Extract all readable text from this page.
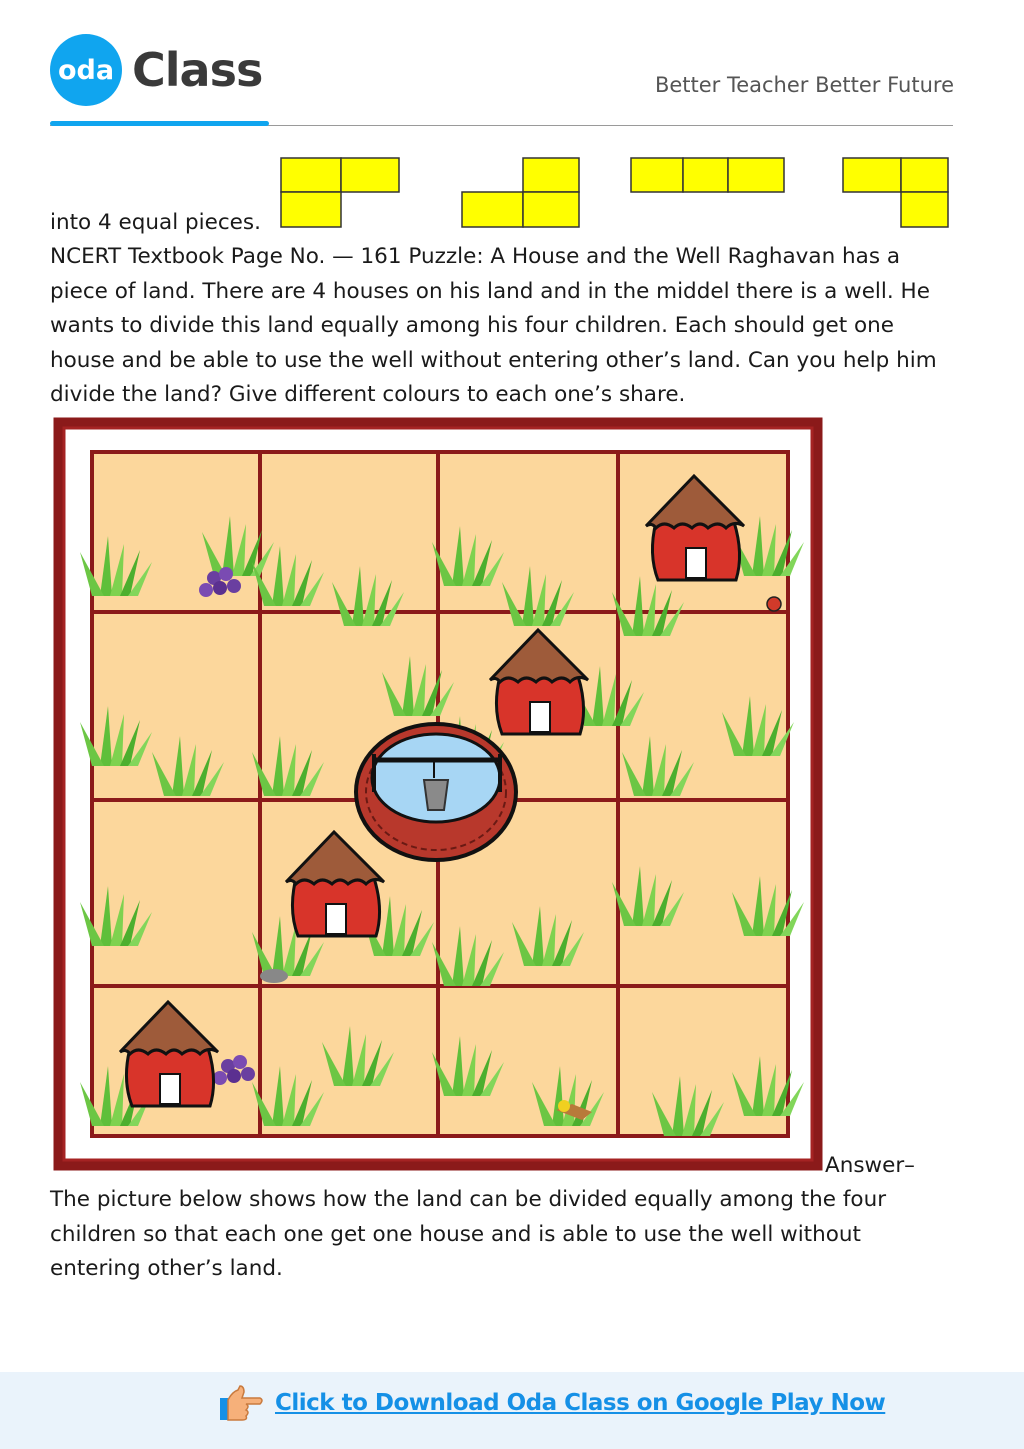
oda Class	Better Teacher Better Future
into 4 equal pieces.
NCERT Textbook Page No. — 161 Puzzle: A House and the Well Raghavan has a piece of land. There are 4 houses on his land and in the middel there is a well. He wants to divide this land equally among his four children. Each should get one house and be able to use the well without entering other’s land. Can you help him divide the land? Give different colours to each one’s share.
Answer–
The picture below shows how the land can be divided equally among the four children so that each one get one house and is able to use the well without entering other’s land.
Click to Download Oda Class on Google Play Now
